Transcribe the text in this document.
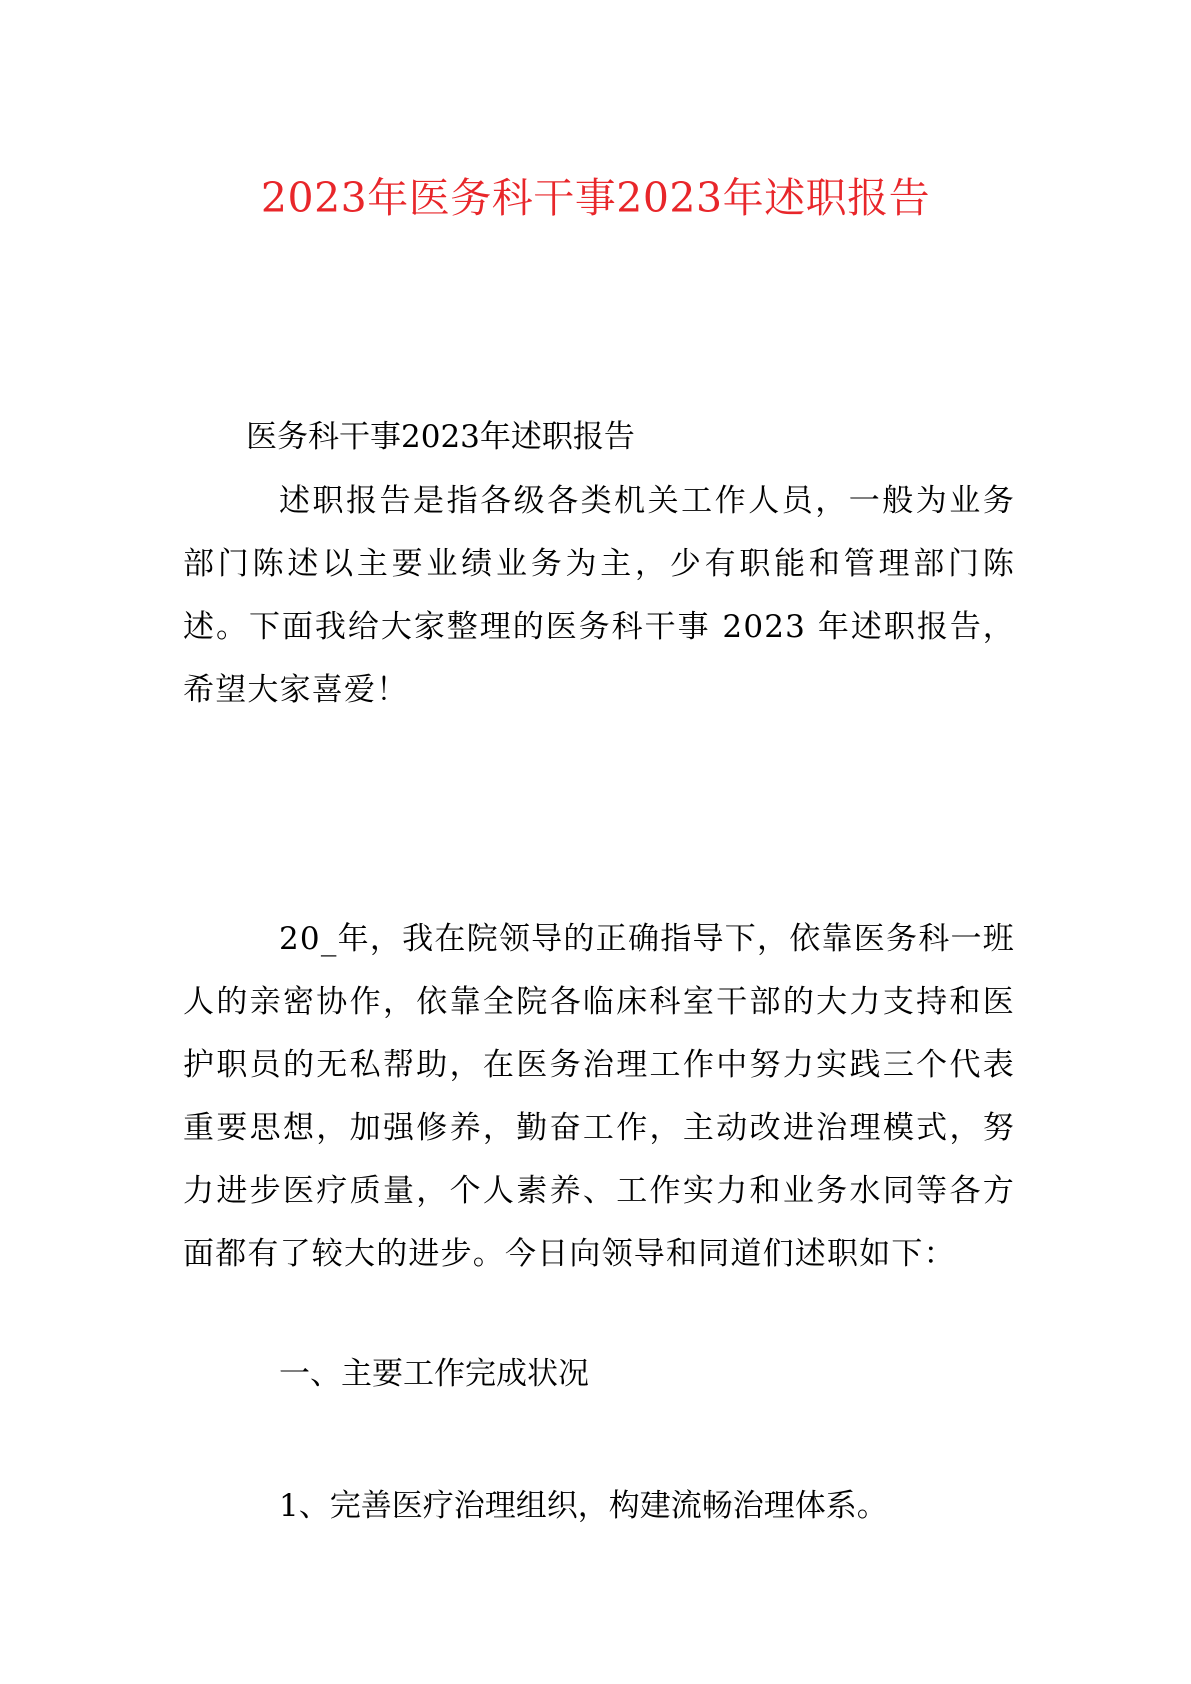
2023年医务科干事2023年述职报告
医务科干事2023年述职报告
述职报告是指各级各类机关工作人员，一般为业务部门陈述以主要业绩业务为主，少有职能和管理部门陈述。下面我给大家整理的医务科干事 2023 年述职报告，希望大家喜爱！
20_年，我在院领导的正确指导下，依靠医务科一班人的亲密协作，依靠全院各临床科室干部的大力支持和医护职员的无私帮助，在医务治理工作中努力实践三个代表重要思想，加强修养，勤奋工作，主动改进治理模式，努力进步医疗质量，个人素养、工作实力和业务水同等各方面都有了较大的进步。今日向领导和同道们述职如下：
一、主要工作完成状况
1、完善医疗治理组织，构建流畅治理体系。
